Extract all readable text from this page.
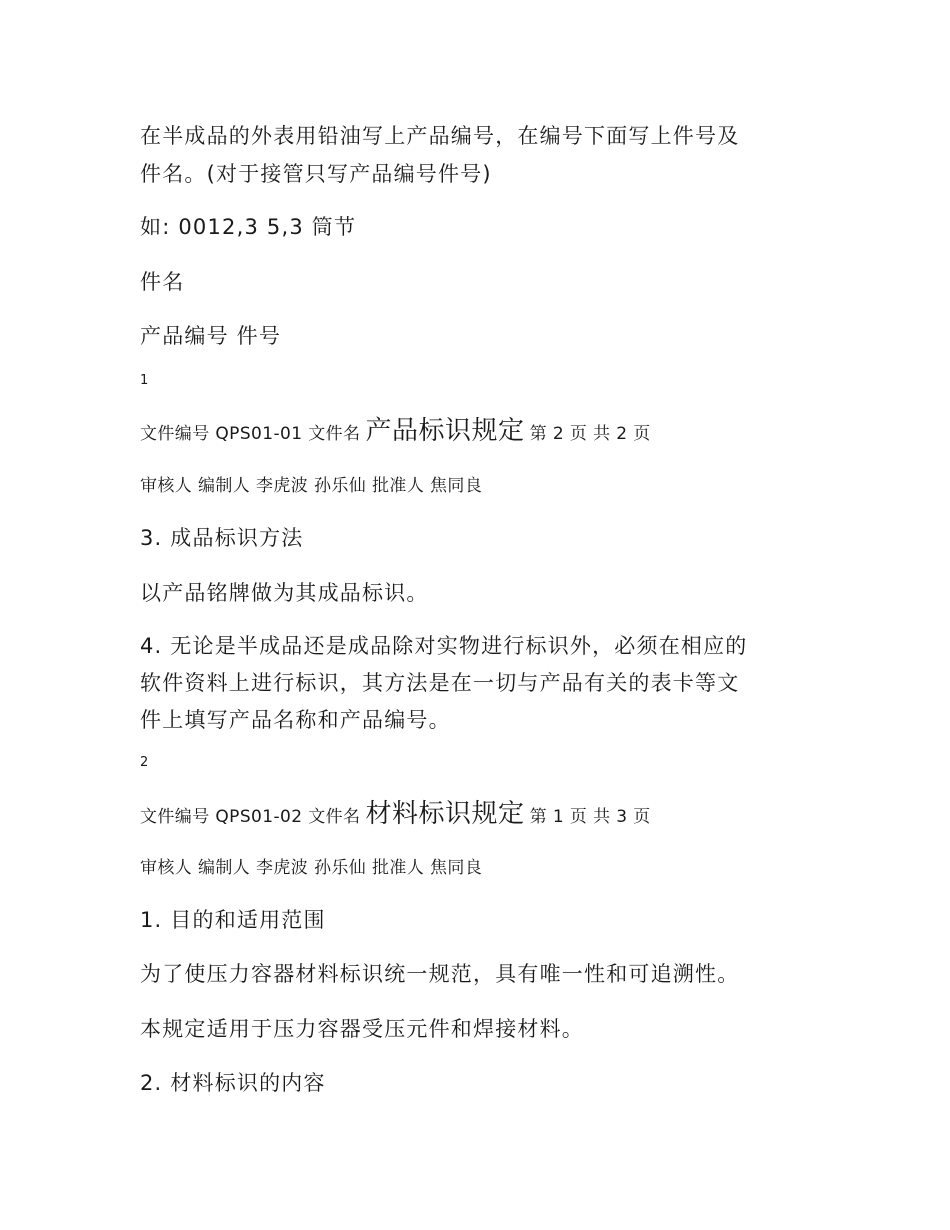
在半成品的外表用铅油写上产品编号，在编号下面写上件号及

件名。(对于接管只写产品编号件号)

如: 0012,3 5,3 筒节

件名

产品编号 件号

1

文件编号 QPS01-01 文件名 产品标识规定 第 2 页 共 2 页

审核人 编制人 李虎波 孙乐仙 批准人 焦同良

3. 成品标识方法

以产品铭牌做为其成品标识。

4. 无论是半成品还是成品除对实物进行标识外，必须在相应的

软件资料上进行标识，其方法是在一切与产品有关的表卡等文

件上填写产品名称和产品编号。

2

文件编号 QPS01-02 文件名 材料标识规定 第 1 页 共 3 页

审核人 编制人 李虎波 孙乐仙 批准人 焦同良

1. 目的和适用范围

为了使压力容器材料标识统一规范，具有唯一性和可追溯性。

本规定适用于压力容器受压元件和焊接材料。

2. 材料标识的内容
